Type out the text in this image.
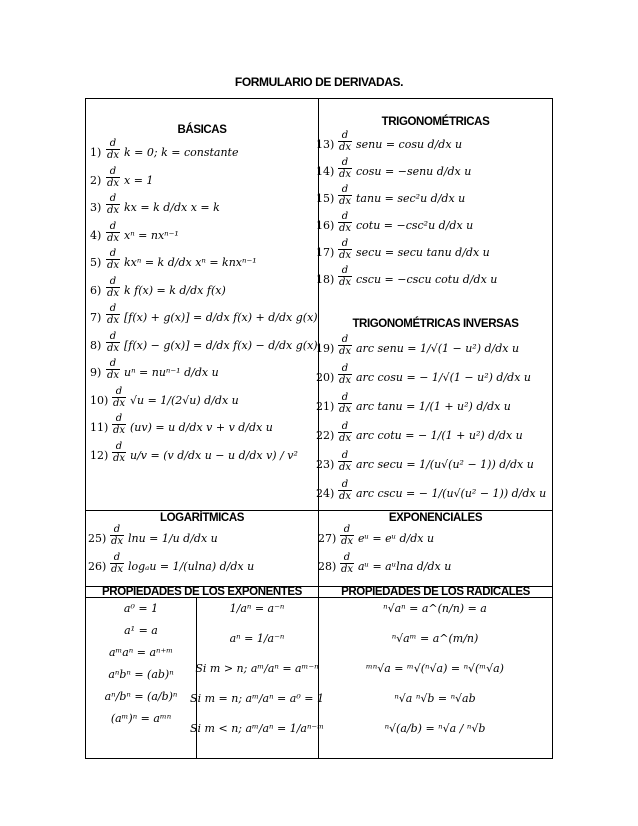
FORMULARIO DE DERIVADAS.
BÁSICAS
TRIGONOMÉTRICAS
TRIGONOMÉTRICAS INVERSAS
LOGARÍTMICAS	EXPONENCIALES
PROPIEDADES DE LOS EXPONENTES	PROPIEDADES DE LOS RADICALES
1)
d
dx k = 0; k = constante
2)
d
dx x = 1
3)
d
dx kx = k d/dx x = k
4)
d
dx xⁿ = nxⁿ⁻¹
5)
d
dx kxⁿ = k d/dx xⁿ = knxⁿ⁻¹
6)
d
dx k f(x) = k d/dx f(x)
7)
d
dx [f(x) + g(x)] = d/dx f(x) + d/dx g(x)
8)
d
dx [f(x) − g(x)] = d/dx f(x) − d/dx g(x)
9)
d
dx uⁿ = nuⁿ⁻¹ d/dx u
10)
d
dx √u = 1/(2√u) d/dx u
11)
d
dx (uv) = u d/dx v + v d/dx u
12)
d
dx u/v = (v d/dx u − u d/dx v) / v²
13)
d
dx senu = cosu d/dx u
14)
d
dx cosu = −senu d/dx u
15)
d
dx tanu = sec²u d/dx u
16)
d
dx cotu = −csc²u d/dx u
17)
d
dx secu = secu tanu d/dx u
18)
d
dx cscu = −cscu cotu d/dx u
19)
d
dx arc senu = 1/√(1 − u²) d/dx u
20)
d
dx arc cosu = − 1/√(1 − u²) d/dx u
21)
d
dx arc tanu = 1/(1 + u²) d/dx u
22)
d
dx arc cotu = − 1/(1 + u²) d/dx u
23)
d
dx arc secu = 1/(u√(u² − 1)) d/dx u
24)
d
dx arc cscu = − 1/(u√(u² − 1)) d/dx u
25)
d
dx lnu = 1/u d/dx u
26)
d
dx logₐu = 1/(ulna) d/dx u
27)
d
dx eᵘ = eᵘ d/dx u
28)
d
dx aᵘ = aᵘlna d/dx u
a⁰ = 1
a¹ = a
aᵐaⁿ = aⁿ⁺ᵐ
aⁿbⁿ = (ab)ⁿ
aⁿ/bⁿ = (a/b)ⁿ
(aᵐ)ⁿ = aᵐⁿ
1/aⁿ = a⁻ⁿ
aⁿ = 1/a⁻ⁿ
Si m > n; aᵐ/aⁿ = aᵐ⁻ⁿ
Si m = n; aᵐ/aⁿ = a⁰ = 1
Si m < n; aᵐ/aⁿ = 1/aⁿ⁻ᵐ
ⁿ√aⁿ = a^(n/n) = a
ⁿ√aᵐ = a^(m/n)
ᵐⁿ√a = ᵐ√(ⁿ√a) = ⁿ√(ᵐ√a)
ⁿ√a ⁿ√b = ⁿ√ab
ⁿ√(a/b) = ⁿ√a / ⁿ√b
